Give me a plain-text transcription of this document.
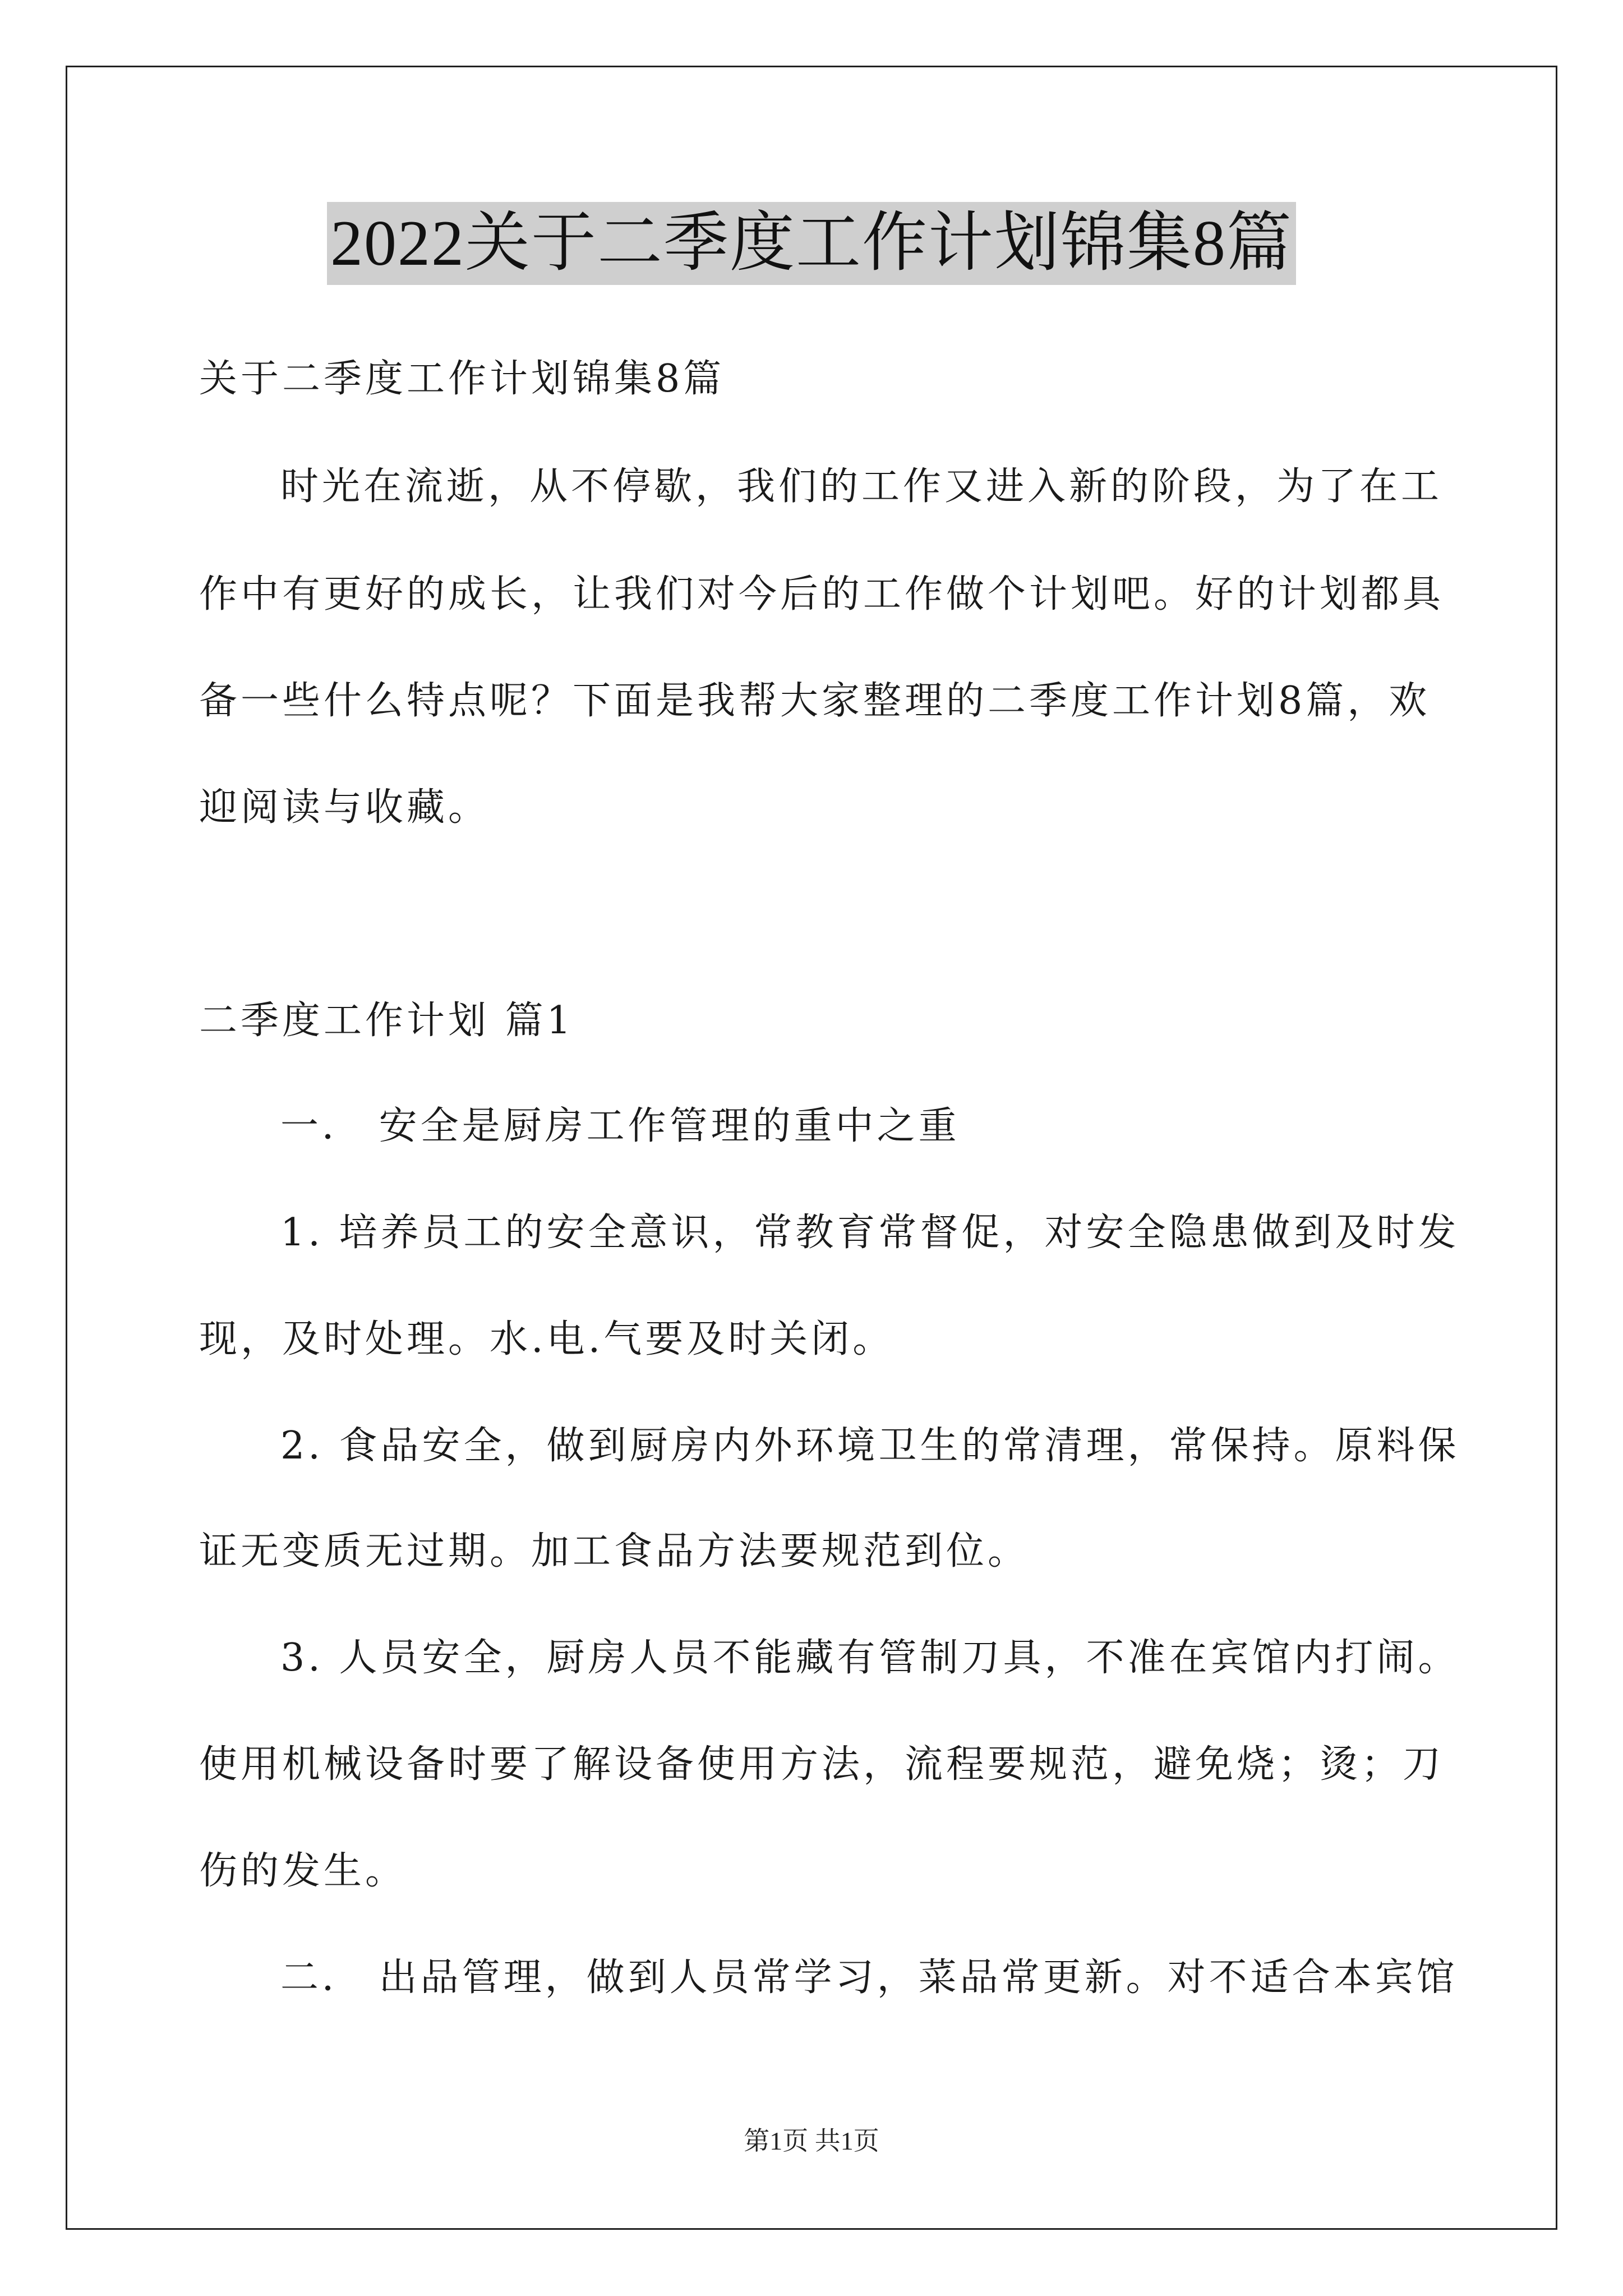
2022关于二季度工作计划锦集8篇
关于二季度工作计划锦集8篇
时光在流逝，从不停歇，我们的工作又进入新的阶段，为了在工
作中有更好的成长，让我们对今后的工作做个计划吧。好的计划都具
备一些什么特点呢？下面是我帮大家整理的二季度工作计划8篇，欢
迎阅读与收藏。
二季度工作计划 篇1
一． 安全是厨房工作管理的重中之重
1. 培养员工的安全意识，常教育常督促，对安全隐患做到及时发
现，及时处理。水.电.气要及时关闭。
2. 食品安全，做到厨房内外环境卫生的常清理，常保持。原料保
证无变质无过期。加工食品方法要规范到位。
3. 人员安全，厨房人员不能藏有管制刀具，不准在宾馆内打闹。
使用机械设备时要了解设备使用方法，流程要规范，避免烧；烫；刀
伤的发生。
二． 出品管理，做到人员常学习，菜品常更新。对不适合本宾馆
第1页 共1页
